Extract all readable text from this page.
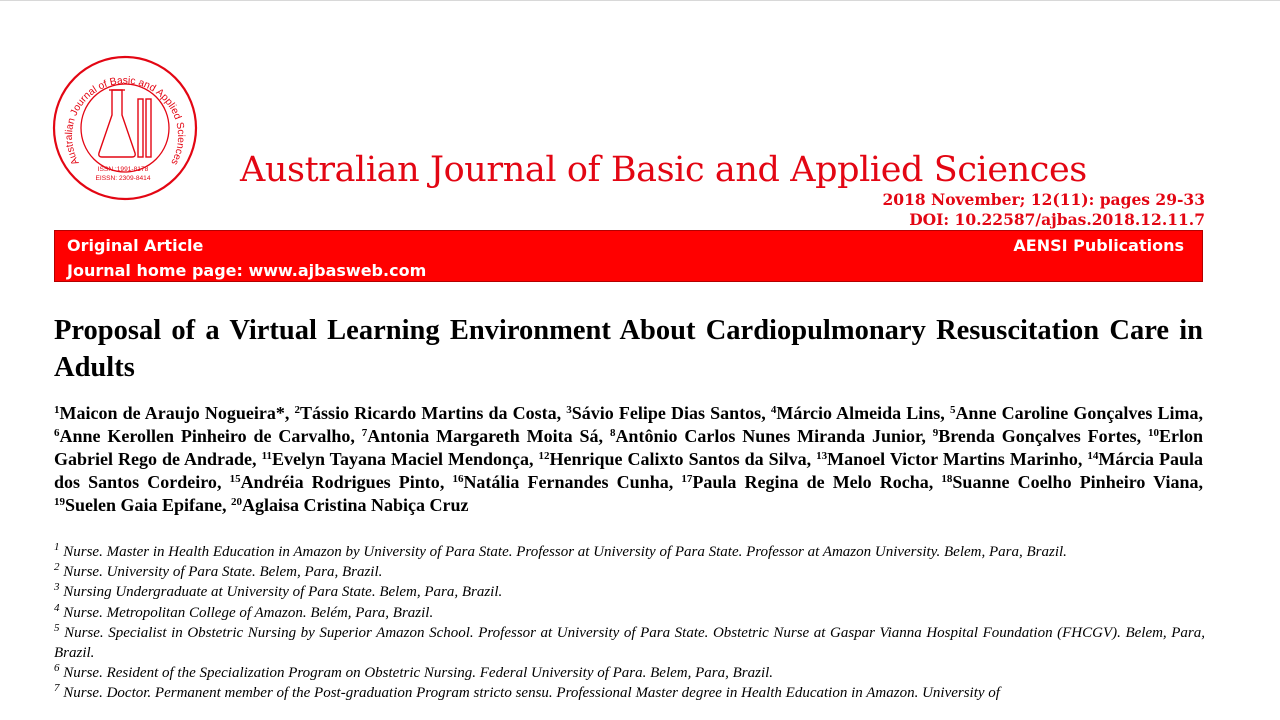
Australian Journal of Basic and Applied Sciences
ISSN :1991-8178
EISSN: 2309-8414	Australian Journal of Basic and Applied Sciences
2018 November; 12(11): pages 29-33
DOI: 10.22587/ajbas.2018.12.11.7
Original Article
Journal home page: www.ajbasweb.com
AENSI Publications
Proposal of a Virtual Learning Environment About Cardiopulmonary Resuscitation Care in Adults
$^1$Maicon de Araujo Nogueira*, $^2$Tássio Ricardo Martins da Costa, $^3$Sávio Felipe Dias Santos, $^4$Márcio Almeida Lins, $^5$Anne Caroline Gonçalves Lima, $^6$Anne Kerollen Pinheiro de Carvalho, $^7$Antonia Margareth Moita Sá, $^8$Antônio Carlos Nunes Miranda Junior, $^9$Brenda Gonçalves Fortes, $^{10}$Erlon Gabriel Rego de Andrade, $^{11}$Evelyn Tayana Maciel Mendonça, $^{12}$Henrique Calixto Santos da Silva, $^{13}$Manoel Victor Martins Marinho, $^{14}$Márcia Paula dos Santos Cordeiro, $^{15}$Andréia Rodrigues Pinto, $^{16}$Natália Fernandes Cunha, $^{17}$Paula Regina de Melo Rocha, $^{18}$Suanne Coelho Pinheiro Viana, $^{19}$Suelen Gaia Epifane, $^{20}$Aglaisa Cristina Nabiça Cruz
$^1$ Nurse. Master in Health Education in Amazon by University of Para State. Professor at University of Para State. Professor at Amazon University. Belem, Para, Brazil.
$^2$ Nurse. University of Para State. Belem, Para, Brazil.
$^3$ Nursing Undergraduate at University of Para State. Belem, Para, Brazil.
$^4$ Nurse. Metropolitan College of Amazon. Belém, Para, Brazil.
$^5$ Nurse. Specialist in Obstetric Nursing by Superior Amazon School. Professor at University of Para State. Obstetric Nurse at Gaspar Vianna Hospital Foundation (FHCGV). Belem, Para, Brazil.
$^6$ Nurse. Resident of the Specialization Program on Obstetric Nursing. Federal University of Para. Belem, Para, Brazil.
$^7$ Nurse. Doctor. Permanent member of the Post-graduation Program stricto sensu. Professional Master degree in Health Education in Amazon. University of
